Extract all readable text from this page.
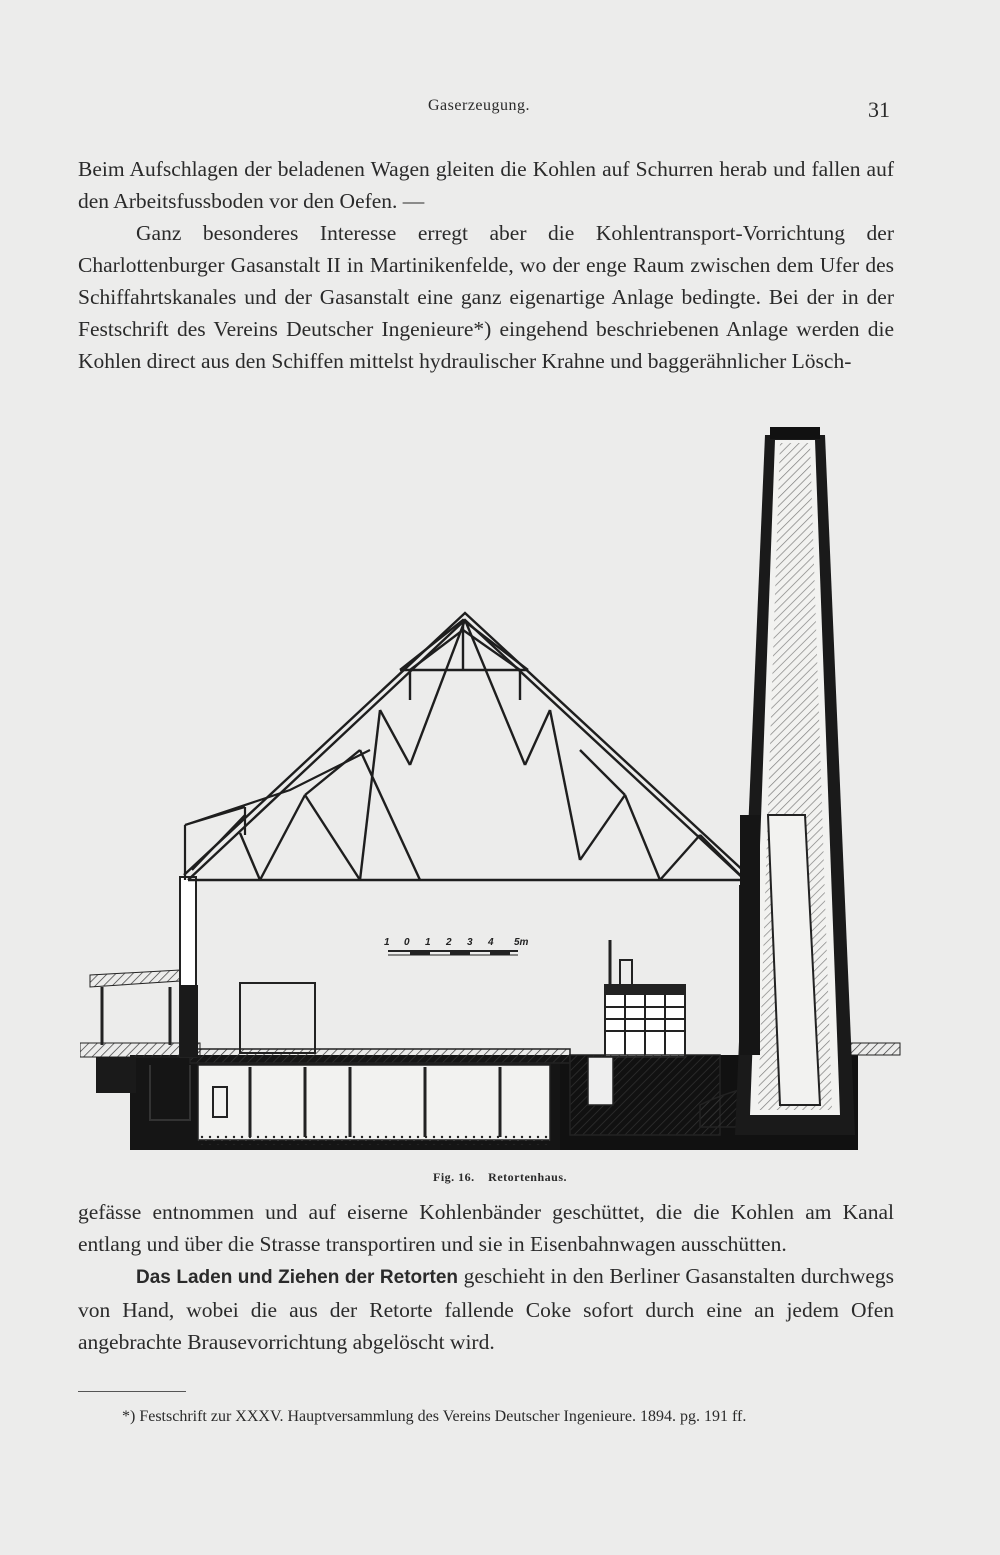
Gaserzeugung.	31

Beim Aufschlagen der beladenen Wagen gleiten die Kohlen auf Schurren herab und fallen auf den Arbeitsfussboden vor den Oefen. —

Ganz besonderes Interesse erregt aber die Kohlentransport-Vorrichtung der Charlottenburger Gasanstalt II in Martinikenfelde, wo der enge Raum zwischen dem Ufer des Schiffahrtskanales und der Gasanstalt eine ganz eigenartige Anlage bedingte. Bei der in der Festschrift des Vereins Deutscher Ingenieure*) eingehend beschriebenen Anlage werden die Kohlen direct aus den Schiffen mittelst hydraulischer Krahne und baggerähnlicher Lösch-

1 0 1 2 3 4 5m
Fig. 16. Retortenhaus.

gefässe entnommen und auf eiserne Kohlenbänder geschüttet, die die Kohlen am Kanal entlang und über die Strasse transportiren und sie in Eisenbahnwagen ausschütten.

Das Laden und Ziehen der Retorten geschieht in den Berliner Gasanstalten durchwegs von Hand, wobei die aus der Retorte fallende Coke sofort durch eine an jedem Ofen angebrachte Brausevorrichtung abgelöscht wird.

*) Festschrift zur XXXV. Hauptversammlung des Vereins Deutscher Ingenieure. 1894. pg. 191 ff.
